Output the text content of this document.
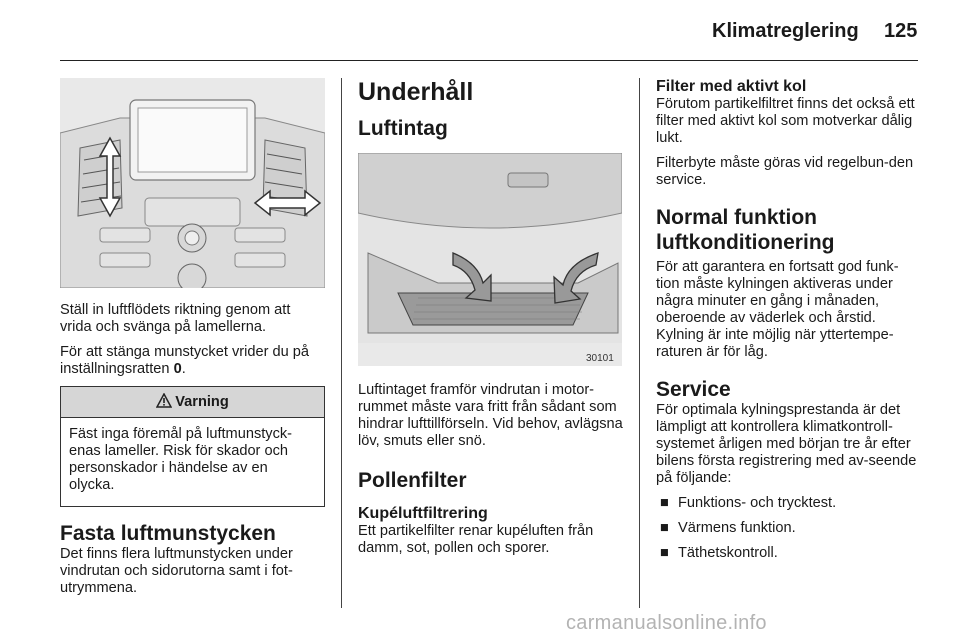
Klimatreglering 125

Ställ in luftflödets riktning genom att vrida och svänga på lamellerna.

För att stänga munstycket vrider du på inställningsratten 0.

Varning

Fäst inga föremål på luftmunstyck-enas lameller. Risk för skador och personskador i händelse av en olycka.

Fasta luftmunstycken

Det finns flera luftmunstycken under vindrutan och sidorutorna samt i fot-utrymmena.

Underhåll
Luftintag
30101

Luftintaget framför vindrutan i motor-rummet måste vara fritt från sådant som hindrar lufttillförseln. Vid behov, avlägsna löv, smuts eller snö.

Pollenfilter
Kupéluftfiltrering

Ett partikelfilter renar kupéluften från damm, sot, pollen och sporer.

Filter med aktivt kol

Förutom partikelfiltret finns det också ett filter med aktivt kol som motverkar dålig lukt.

Filterbyte måste göras vid regelbun-den service.

Normal funktion luftkonditionering

För att garantera en fortsatt god funk-tion måste kylningen aktiveras under några minuter en gång i månaden, oberoende av väderlek och årstid. Kylning är inte möjlig när yttertempe-raturen är för låg.

Service

För optimala kylningsprestanda är det lämpligt att kontrollera klimatkontroll-systemet årligen med början tre år efter bilens första registrering med av-seende på följande:

■ Funktions- och trycktest.
■ Värmens funktion.
■ Täthetskontroll.
carmanualsonline.info
